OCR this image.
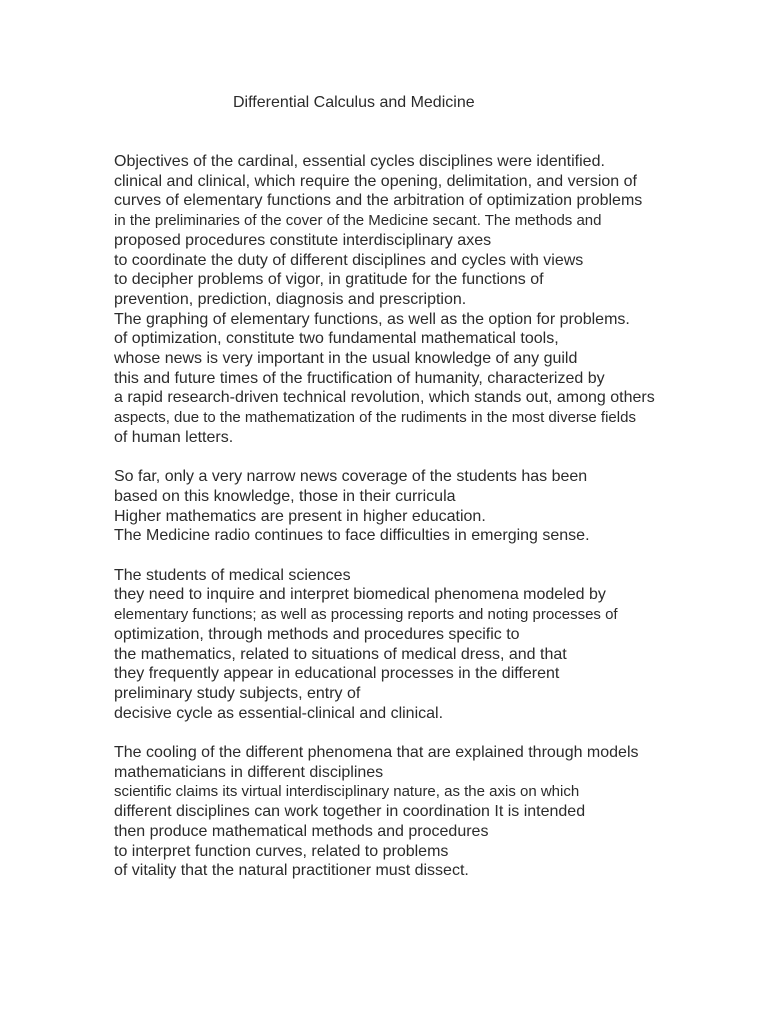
Differential Calculus and Medicine
Objectives of the cardinal, essential cycles disciplines were identified.
clinical and clinical, which require the opening, delimitation, and version of
curves of elementary functions and the arbitration of optimization problems
in the preliminaries of the cover of the Medicine secant. The methods and
proposed procedures constitute interdisciplinary axes
to coordinate the duty of different disciplines and cycles with views
to decipher problems of vigor, in gratitude for the functions of
prevention, prediction, diagnosis and prescription.
The graphing of elementary functions, as well as the option for problems.
of optimization, constitute two fundamental mathematical tools,
whose news is very important in the usual knowledge of any guild
this and future times of the fructification of humanity, characterized by
a rapid research-driven technical revolution, which stands out, among others
aspects, due to the mathematization of the rudiments in the most diverse fields
of human letters.
So far, only a very narrow news coverage of the students has been
based on this knowledge, those in their curricula
Higher mathematics are present in higher education.
The Medicine radio continues to face difficulties in emerging sense.
The students of medical sciences
they need to inquire and interpret biomedical phenomena modeled by
elementary functions; as well as processing reports and noting processes of
optimization, through methods and procedures specific to
the mathematics, related to situations of medical dress, and that
they frequently appear in educational processes in the different
preliminary study subjects, entry of
decisive cycle as essential-clinical and clinical.
The cooling of the different phenomena that are explained through models
mathematicians in different disciplines
scientific claims its virtual interdisciplinary nature, as the axis on which
different disciplines can work together in coordination It is intended
then produce mathematical methods and procedures
to interpret function curves, related to problems
of vitality that the natural practitioner must dissect.
